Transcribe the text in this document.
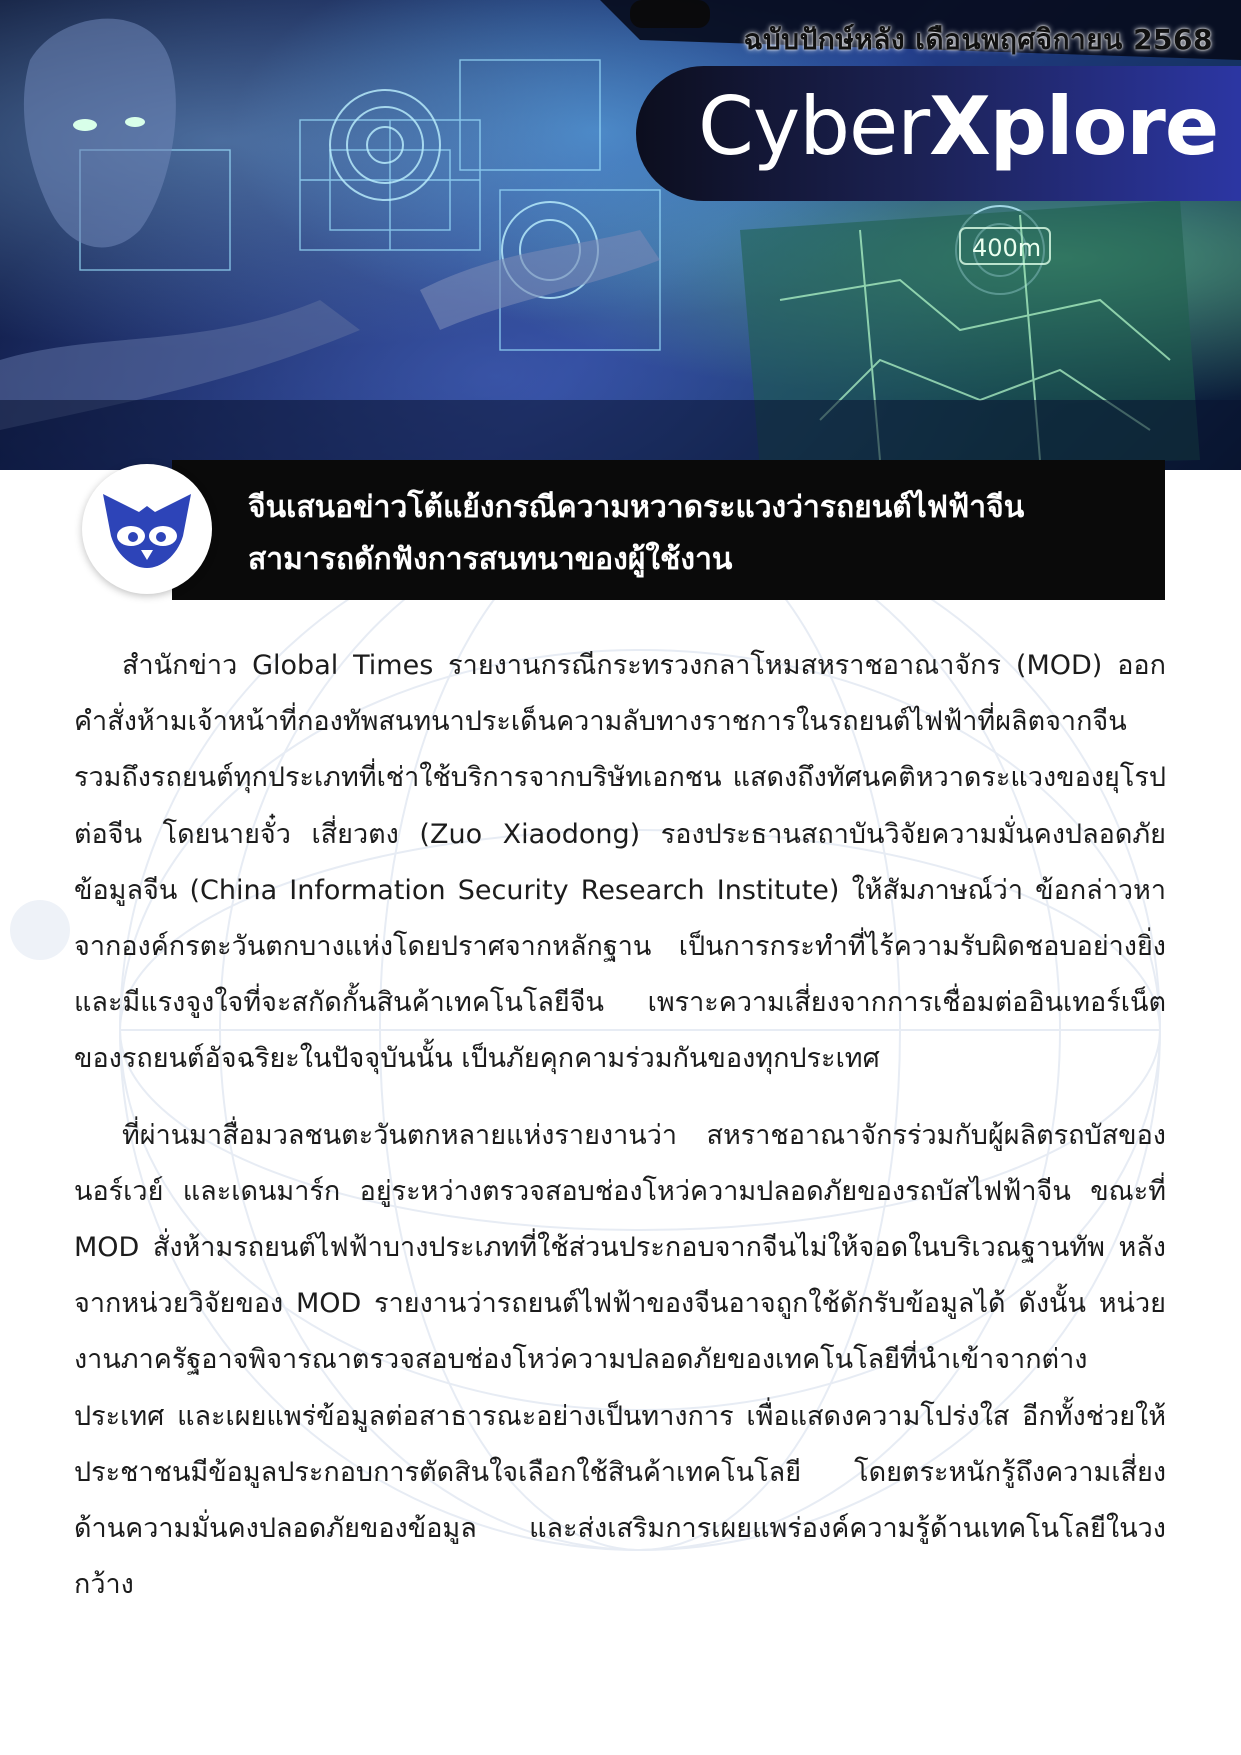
400m
ฉบับปักษ์หลัง เดือนพฤศจิกายน 2568
CyberXplore
จีนเสนอข่าวโต้แย้งกรณีความหวาดระแวงว่ารถยนต์ไฟฟ้าจีน
สามารถดักฟังการสนทนาของผู้ใช้งาน

สำนักข่าว Global Times รายงานกรณีกระทรวงกลาโหมสหราชอาณาจักร (MOD) ออกคำสั่งห้ามเจ้าหน้าที่กองทัพสนทนาประเด็นความลับทางราชการในรถยนต์ไฟฟ้าที่ผลิตจากจีน รวมถึงรถยนต์ทุกประเภทที่เช่าใช้บริการจากบริษัทเอกชน แสดงถึงทัศนคติหวาดระแวงของยุโรปต่อจีน โดยนายจั๋ว เสี่ยวตง (Zuo Xiaodong) รองประธานสถาบันวิจัยความมั่นคงปลอดภัยข้อมูลจีน (China Information Security Research Institute) ให้สัมภาษณ์ว่า ข้อกล่าวหาจากองค์กรตะวันตกบางแห่งโดยปราศจากหลักฐาน เป็นการกระทำที่ไร้ความรับผิดชอบอย่างยิ่ง และมีแรงจูงใจที่จะสกัดกั้นสินค้าเทคโนโลยีจีน เพราะความเสี่ยงจากการเชื่อมต่ออินเทอร์เน็ตของรถยนต์อัจฉริยะในปัจจุบันนั้น เป็นภัยคุกคามร่วมกันของทุกประเทศ

ที่ผ่านมาสื่อมวลชนตะวันตกหลายแห่งรายงานว่า สหราชอาณาจักรร่วมกับผู้ผลิตรถบัสของนอร์เวย์ และเดนมาร์ก อยู่ระหว่างตรวจสอบช่องโหว่ความปลอดภัยของรถบัสไฟฟ้าจีน ขณะที่ MOD สั่งห้ามรถยนต์ไฟฟ้าบางประเภทที่ใช้ส่วนประกอบจากจีนไม่ให้จอดในบริเวณฐานทัพ หลังจากหน่วยวิจัยของ MOD รายงานว่ารถยนต์ไฟฟ้าของจีนอาจถูกใช้ดักรับข้อมูลได้ ดังนั้น หน่วยงานภาครัฐอาจพิจารณาตรวจสอบช่องโหว่ความปลอดภัยของเทคโนโลยีที่นำเข้าจากต่างประเทศ และเผยแพร่ข้อมูลต่อสาธารณะอย่างเป็นทางการ เพื่อแสดงความโปร่งใส อีกทั้งช่วยให้ประชาชนมีข้อมูลประกอบการตัดสินใจเลือกใช้สินค้าเทคโนโลยี โดยตระหนักรู้ถึงความเสี่ยงด้านความมั่นคงปลอดภัยของข้อมูล และส่งเสริมการเผยแพร่องค์ความรู้ด้านเทคโนโลยีในวงกว้าง
